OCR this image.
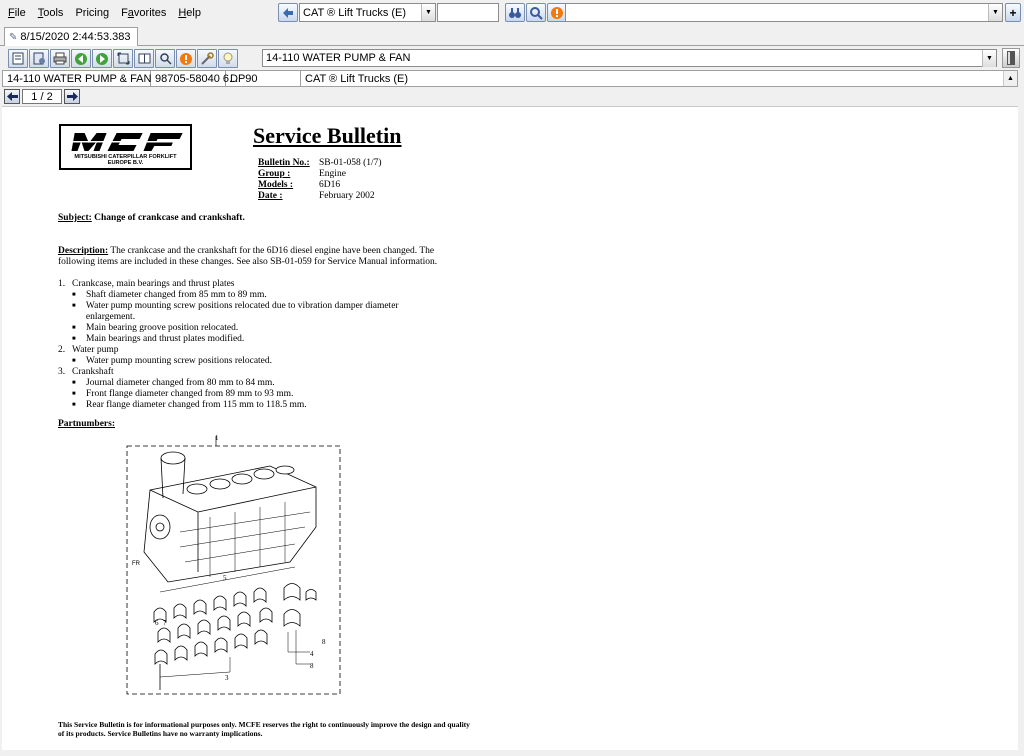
File Tools Pricing Favorites Help	CAT ® Lift Trucks (E)	▼	▼ +
✎ 8/15/2020 2:44:53.383
14-110 WATER PUMP & FAN	▼
14-110 WATER PUMP & FAN 98705-58040 6...
DP90	CAT ® Lift Trucks (E)	▲
1 / 2
MITSUBISHI CATERPILLAR FORKLIFT
EUROPE B.V.
Service Bulletin
Bulletin No.: SB-01-058 (1/7)
Group :	Engine
Models :	6D16
Date :	February 2002
Subject: Change of crankcase and crankshaft.
Description: The crankcase and the crankshaft for the 6D16 diesel engine have been changed. The following items are included in these changes. See also SB-01-059 for Service Manual information.
1. Crankcase, main bearings and thrust plates
■	Shaft diameter changed from 85 mm to 89 mm.
■	Water pump mounting screw positions relocated due to vibration damper diameter enlargement.
■	Main bearing groove position relocated.
■	Main bearings and thrust plates modified.
2. Water pump
■	Water pump mounting screw positions relocated.
3. Crankshaft
■	Journal diameter changed from 80 mm to 84 mm.
■	Front flange diameter changed from 89 mm to 93 mm.
■	Rear flange diameter changed from 115 mm to 118.5 mm.
Partnumbers:
1
FR
5
6 7
4
8
8
3
This Service Bulletin is for informational purposes only. MCFE reserves the right to continuously improve the design and quality of its products. Service Bulletins have no warranty implications.
